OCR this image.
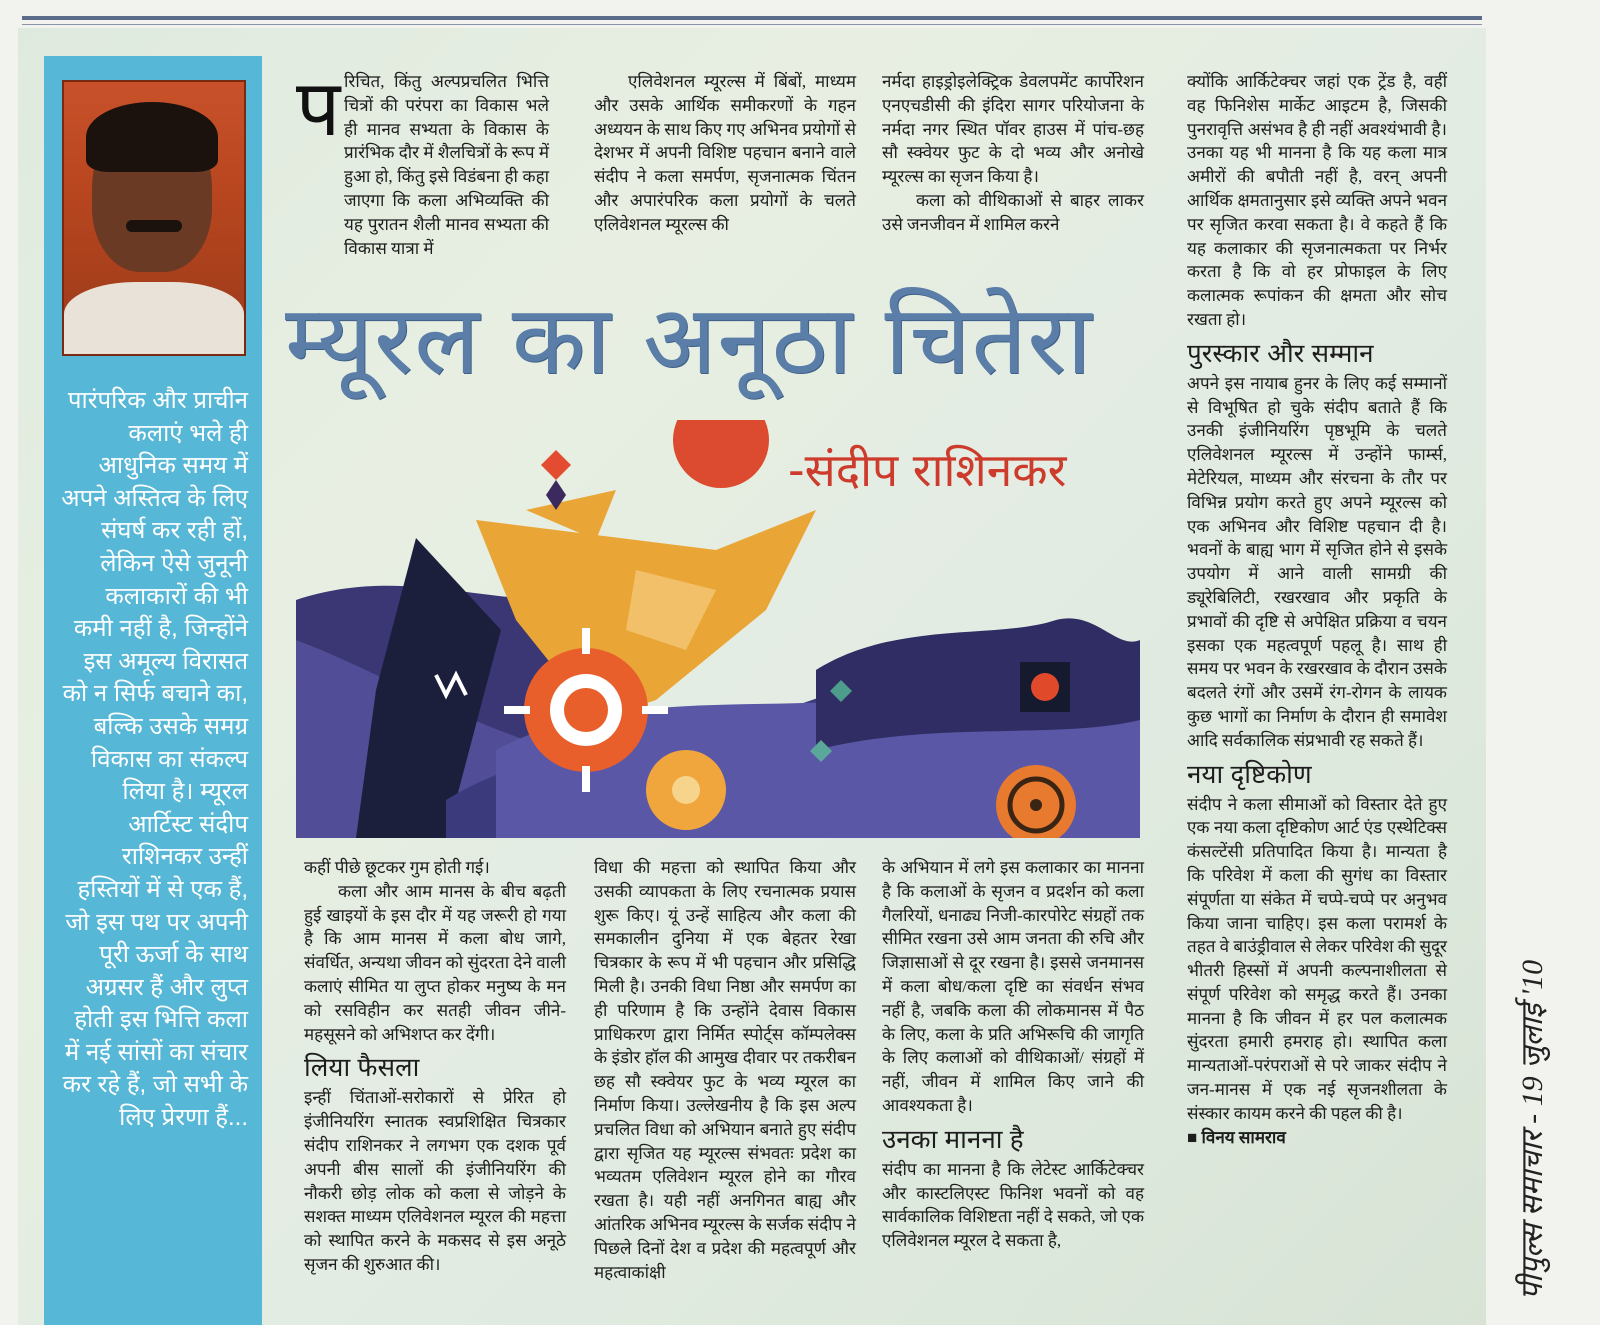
पारंपरिक और प्राचीन कलाएं भले ही आधुनिक समय में अपने अस्तित्व के लिए संघर्ष कर रही हों, लेकिन ऐसे जुनूनी कलाकारों की भी कमी नहीं है, जिन्होंने इस अमूल्य विरासत को न सिर्फ बचाने का, बल्कि उसके समग्र विकास का संकल्प लिया है। म्यूरल आर्टिस्ट संदीप राशिनकर उन्हीं हस्तियों में से एक हैं, जो इस पथ पर अपनी पूरी ऊर्जा के साथ अग्रसर हैं और लुप्त होती इस भित्ति कला में नई सांसों का संचार कर रहे हैं, जो सभी के लिए प्रेरणा हैं...
प रिचित, किंतु अल्पप्रचलित भित्ति चित्रों की परंपरा का विकास भले ही मानव सभ्यता के विकास के प्रारंभिक दौर में शैलचित्रों के रूप में हुआ हो, किंतु इसे विडंबना ही कहा जाएगा कि कला अभिव्यक्ति की यह पुरातन शैली मानव सभ्यता की विकास यात्रा में

एलिवेशनल म्यूरल्स में बिंबों, माध्यम और उसके आर्थिक समीकरणों के गहन अध्ययन के साथ किए गए अभिनव प्रयोगों से देशभर में अपनी विशिष्ट पहचान बनाने वाले संदीप ने कला समर्पण, सृजनात्मक चिंतन और अपारंपरिक कला प्रयोगों के चलते एलिवेशनल म्यूरल्स की

नर्मदा हाइड्रोइलेक्ट्रिक डेवलपमेंट कार्पोरेशन एनएचडीसी की इंदिरा सागर परियोजना के नर्मदा नगर स्थित पॉवर हाउस में पांच-छह सौ स्क्वेयर फुट के दो भव्य और अनोखे म्यूरल्स का सृजन किया है।

कला को वीथिकाओं से बाहर लाकर उसे जनजीवन में शामिल करने

म्यूरल का अनूठा चितेरा
-संदीप राशिनकर

क्योंकि आर्किटेक्चर जहां एक ट्रेंड है, वहीं वह फिनिशेस मार्केट आइटम है, जिसकी पुनरावृत्ति असंभव है ही नहीं अवश्यंभावी है। उनका यह भी मानना है कि यह कला मात्र अमीरों की बपौती नहीं है, वरन् अपनी आर्थिक क्षमतानुसार इसे व्यक्ति अपने भवन पर सृजित करवा सकता है। वे कहते हैं कि यह कलाकार की सृजनात्मकता पर निर्भर करता है कि वो हर प्रोफाइल के लिए कलात्मक रूपांकन की क्षमता और सोच रखता हो।

पुरस्कार और सम्मान

अपने इस नायाब हुनर के लिए कई सम्मानों से विभूषित हो चुके संदीप बताते हैं कि उनकी इंजीनियरिंग पृष्ठभूमि के चलते एलिवेशनल म्यूरल्स में उन्होंने फार्म्स, मेटेरियल, माध्यम और संरचना के तौर पर विभिन्न प्रयोग करते हुए अपने म्यूरल्स को एक अभिनव और विशिष्ट पहचान दी है। भवनों के बाह्य भाग में सृजित होने से इसके उपयोग में आने वाली सामग्री की ड्यूरेबिलिटी, रखरखाव और प्रकृति के प्रभावों की दृष्टि से अपेक्षित प्रक्रिया व चयन इसका एक महत्वपूर्ण पहलू है। साथ ही समय पर भवन के रखरखाव के दौरान उसके बदलते रंगों और उसमें रंग-रोगन के लायक कुछ भागों का निर्माण के दौरान ही समावेश आदि सर्वकालिक संप्रभावी रह सकते हैं।

नया दृष्टिकोण

संदीप ने कला सीमाओं को विस्तार देते हुए एक नया कला दृष्टिकोण आर्ट एंड एस्थेटिक्स कंसल्टेंसी प्रतिपादित किया है। मान्यता है कि परिवेश में कला की सुगंध का विस्तार संपूर्णता या संकेत में चप्पे-चप्पे पर अनुभव किया जाना चाहिए। इस कला परामर्श के तहत वे बाउंड्रीवाल से लेकर परिवेश की सुदूर भीतरी हिस्सों में अपनी कल्पनाशीलता से संपूर्ण परिवेश को समृद्ध करते हैं। उनका मानना है कि जीवन में हर पल कलात्मक सुंदरता हमारी हमराह हो। स्थापित कला मान्यताओं-परंपराओं से परे जाकर संदीप ने जन-मानस में एक नई सृजनशीलता के संस्कार कायम करने की पहल की है।

■ विनय सामराव

कहीं पीछे छूटकर गुम होती गई।

कला और आम मानस के बीच बढ़ती हुई खाइयों के इस दौर में यह जरूरी हो गया है कि आम मानस में कला बोध जागे, संवर्धित, अन्यथा जीवन को सुंदरता देने वाली कलाएं सीमित या लुप्त होकर मनुष्य के मन को रसविहीन कर सतही जीवन जीने-महसूसने को अभिशप्त कर देंगी।

लिया फैसला

इन्हीं चिंताओं-सरोकारों से प्रेरित हो इंजीनियरिंग स्नातक स्वप्रशिक्षित चित्रकार संदीप राशिनकर ने लगभग एक दशक पूर्व अपनी बीस सालों की इंजीनियरिंग की नौकरी छोड़ लोक को कला से जोड़ने के सशक्त माध्यम एलिवेशनल म्यूरल की महत्ता को स्थापित करने के मकसद से इस अनूठे सृजन की शुरुआत की।

विधा की महत्ता को स्थापित किया और उसकी व्यापकता के लिए रचनात्मक प्रयास शुरू किए। यूं उन्हें साहित्य और कला की समकालीन दुनिया में एक बेहतर रेखा चित्रकार के रूप में भी पहचान और प्रसिद्धि मिली है। उनकी विधा निष्ठा और समर्पण का ही परिणाम है कि उन्होंने देवास विकास प्राधिकरण द्वारा निर्मित स्पोर्ट्स कॉम्पलेक्स के इंडोर हॉल की आमुख दीवार पर तकरीबन छह सौ स्क्वेयर फुट के भव्य म्यूरल का निर्माण किया। उल्लेखनीय है कि इस अल्प प्रचलित विधा को अभियान बनाते हुए संदीप द्वारा सृजित यह म्यूरल्स संभवतः प्रदेश का भव्यतम एलिवेशन म्यूरल होने का गौरव रखता है। यही नहीं अनगिनत बाह्य और आंतरिक अभिनव म्यूरल्स के सर्जक संदीप ने पिछले दिनों देश व प्रदेश की महत्वपूर्ण और महत्वाकांक्षी

के अभियान में लगे इस कलाकार का मानना है कि कलाओं के सृजन व प्रदर्शन को कला गैलरियों, धनाढ्य निजी-कारपोरेट संग्रहों तक सीमित रखना उसे आम जनता की रुचि और जिज्ञासाओं से दूर रखना है। इससे जनमानस में कला बोध/कला दृष्टि का संवर्धन संभव नहीं है, जबकि कला की लोकमानस में पैठ के लिए, कला के प्रति अभिरूचि की जागृति के लिए कलाओं को वीथिकाओं/ संग्रहों में नहीं, जीवन में शामिल किए जाने की आवश्यकता है।

उनका मानना है

संदीप का मानना है कि लेटेस्ट आर्किटेक्चर और कास्टलिएस्ट फिनिश भवनों को वह सार्वकालिक विशिष्टता नहीं दे सकते, जो एक एलिवेशनल म्यूरल दे सकता है,	पीपुल्स समाचार - 19 जुलाई '10
